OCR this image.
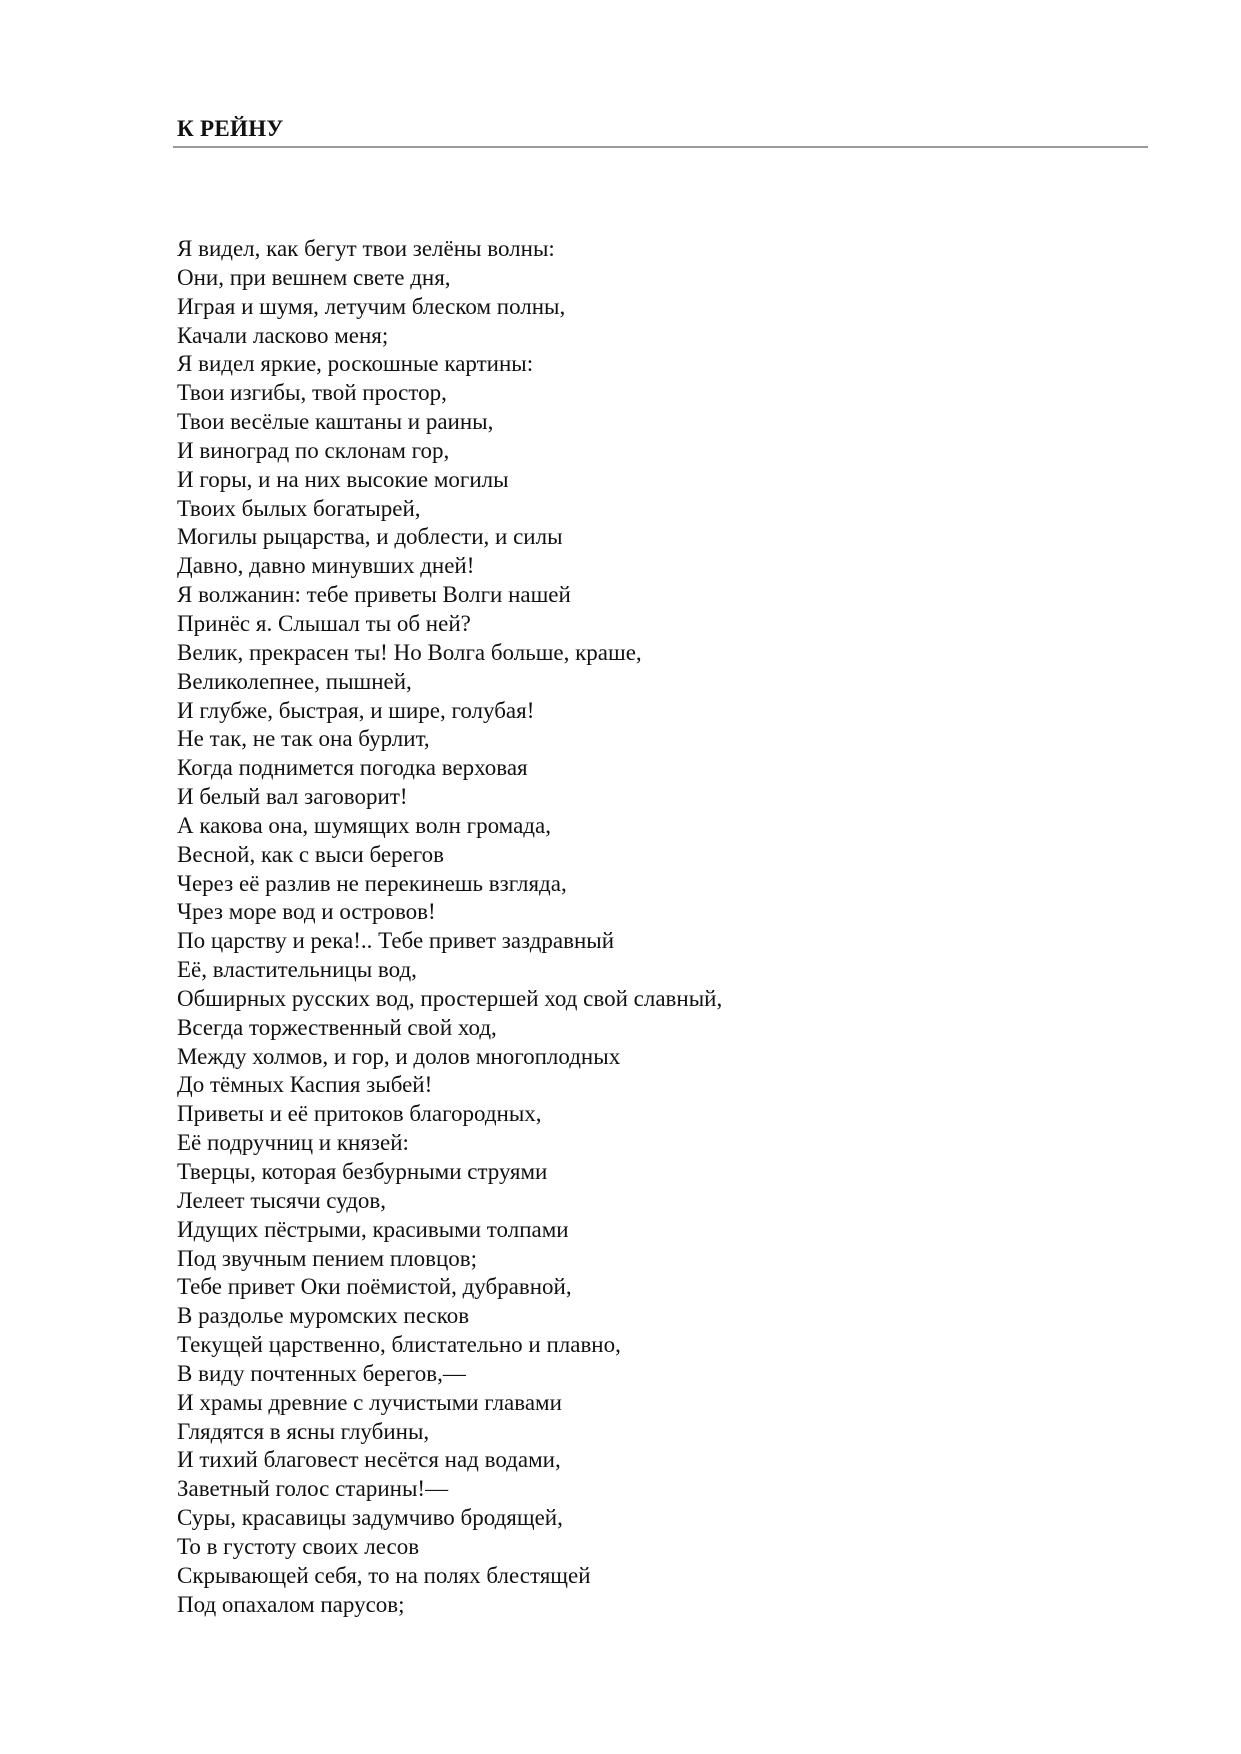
К РЕЙНУ
Я видел, как бегут твои зелёны волны:
Они, при вешнем свете дня,
Играя и шумя, летучим блеском полны,
Качали ласково меня;
Я видел яркие, роскошные картины:
Твои изгибы, твой простор,
Твои весёлые каштаны и раины,
И виноград по склонам гор,
И горы, и на них высокие могилы
Твоих былых богатырей,
Могилы рыцарства, и доблести, и силы
Давно, давно минувших дней!
Я волжанин: тебе приветы Волги нашей
Принёс я. Слышал ты об ней?
Велик, прекрасен ты! Но Волга больше, краше,
Великолепнее, пышней,
И глубже, быстрая, и шире, голубая!
Не так, не так она бурлит,
Когда поднимется погодка верховая
И белый вал заговорит!
А какова она, шумящих волн громада,
Весной, как с выси берегов
Через её разлив не перекинешь взгляда,
Чрез море вод и островов!
По царству и река!.. Тебе привет заздравный
Её, властительницы вод,
Обширных русских вод, простершей ход свой славный,
Всегда торжественный свой ход,
Между холмов, и гор, и долов многоплодных
До тёмных Каспия зыбей!
Приветы и её притоков благородных,
Её подручниц и князей:
Тверцы, которая безбурными струями
Лелеет тысячи судов,
Идущих пёстрыми, красивыми толпами
Под звучным пением пловцов;
Тебе привет Оки поёмистой, дубравной,
В раздолье муромских песков
Текущей царственно, блистательно и плавно,
В виду почтенных берегов,—
И храмы древние с лучистыми главами
Глядятся в ясны глубины,
И тихий благовест несётся над водами,
Заветный голос старины!—
Суры, красавицы задумчиво бродящей,
То в густоту своих лесов
Скрывающей себя, то на полях блестящей
Под опахалом парусов;
